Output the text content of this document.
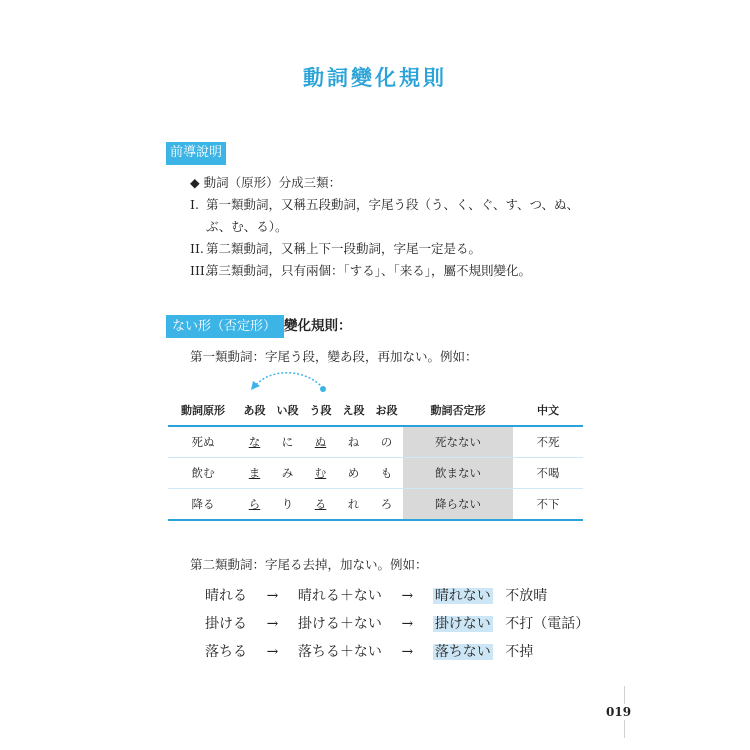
動詞變化規則
前導說明
◆ 動詞（原形）分成三類：
I. 第一類動詞，又稱五段動詞，字尾う段（う、く、ぐ、す、つ、ぬ、
ぶ、む、る）。
II. 第二類動詞，又稱上下一段動詞，字尾一定是る。
III.第三類動詞，只有兩個：「する」、「来る」，屬不規則變化。
ない形（否定形） 變化規則：
第一類動詞：字尾う段，變あ段，再加ない。例如：
動詞原形	あ段	い段	う段	え段	お段	動詞否定形	中文
死ぬ	な	に	ぬ	ね	の	死なない	不死
飲む	ま	み	む	め	も	飲まない	不喝
降る	ら	り	る	れ	ろ	降らない	不下
第二類動詞：字尾る去掉，加ない。例如：
晴れる → 晴れる＋ない → 晴れない 不放晴
掛ける → 掛ける＋ない → 掛けない 不打（電話）
落ちる → 落ちる＋ない → 落ちない 不掉
019
